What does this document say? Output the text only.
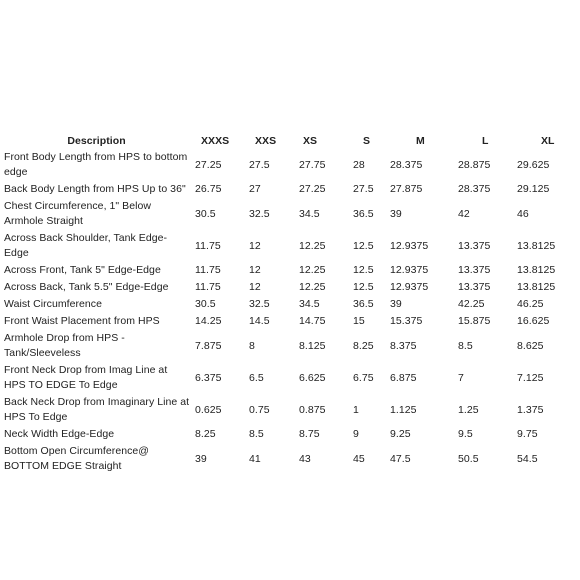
Description	XXXS	XXS	XS	S	M	L	XL
Front Body Length from HPS to bottom edge	27.25	27.5	27.75	28	28.375	28.875	29.625
Back Body Length from HPS Up to 36"	26.75	27	27.25	27.5	27.875	28.375	29.125
Chest Circumference, 1" Below Armhole Straight	30.5	32.5	34.5	36.5	39	42	46
Across Back Shoulder, Tank Edge-Edge	11.75	12	12.25	12.5	12.9375	13.375	13.8125
Across Front, Tank 5" Edge-Edge	11.75	12	12.25	12.5	12.9375	13.375	13.8125
Across Back, Tank 5.5" Edge-Edge	11.75	12	12.25	12.5	12.9375	13.375	13.8125
Waist Circumference	30.5	32.5	34.5	36.5	39	42.25	46.25
Front Waist Placement from HPS	14.25	14.5	14.75	15	15.375	15.875	16.625
Armhole Drop from HPS - Tank/Sleeveless	7.875	8	8.125	8.25	8.375	8.5	8.625
Front Neck Drop from Imag Line at HPS TO EDGE To Edge	6.375	6.5	6.625	6.75	6.875	7	7.125
Back Neck Drop from Imaginary Line at HPS To Edge	0.625	0.75	0.875	1	1.125	1.25	1.375
Neck Width Edge-Edge	8.25	8.5	8.75	9	9.25	9.5	9.75
Bottom Open Circumference@ BOTTOM EDGE Straight	39	41	43	45	47.5	50.5	54.5
